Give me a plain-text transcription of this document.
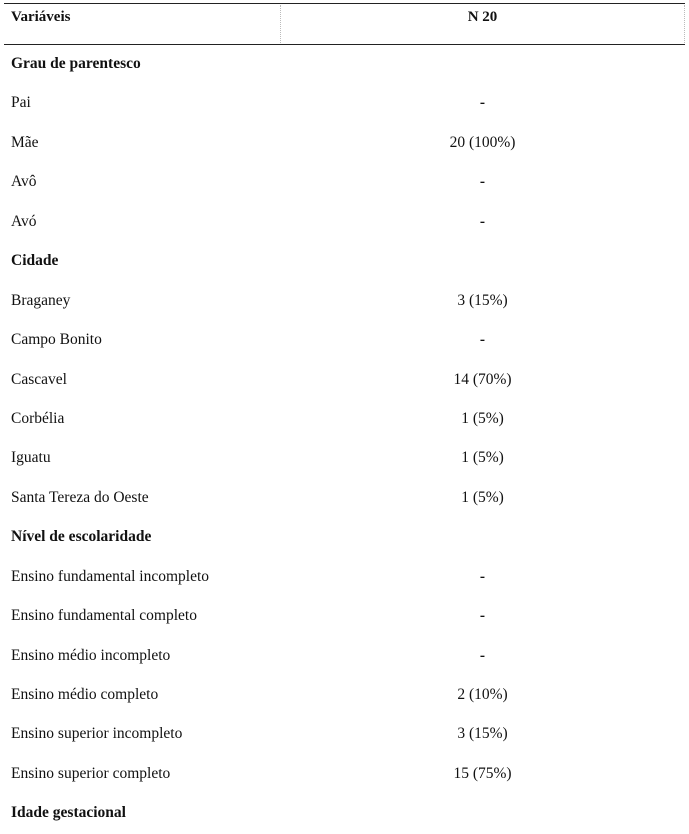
Variáveis	N 20
Grau de parentesco
Pai	-
Mãe	20 (100%)
Avô	-
Avó	-
Cidade
Braganey	3 (15%)
Campo Bonito	-
Cascavel	14 (70%)
Corbélia	1 (5%)
Iguatu	1 (5%)
Santa Tereza do Oeste	1 (5%)
Nível de escolaridade
Ensino fundamental incompleto	-
Ensino fundamental completo	-
Ensino médio incompleto	-
Ensino médio completo	2 (10%)
Ensino superior incompleto	3 (15%)
Ensino superior completo	15 (75%)
Idade gestacional
